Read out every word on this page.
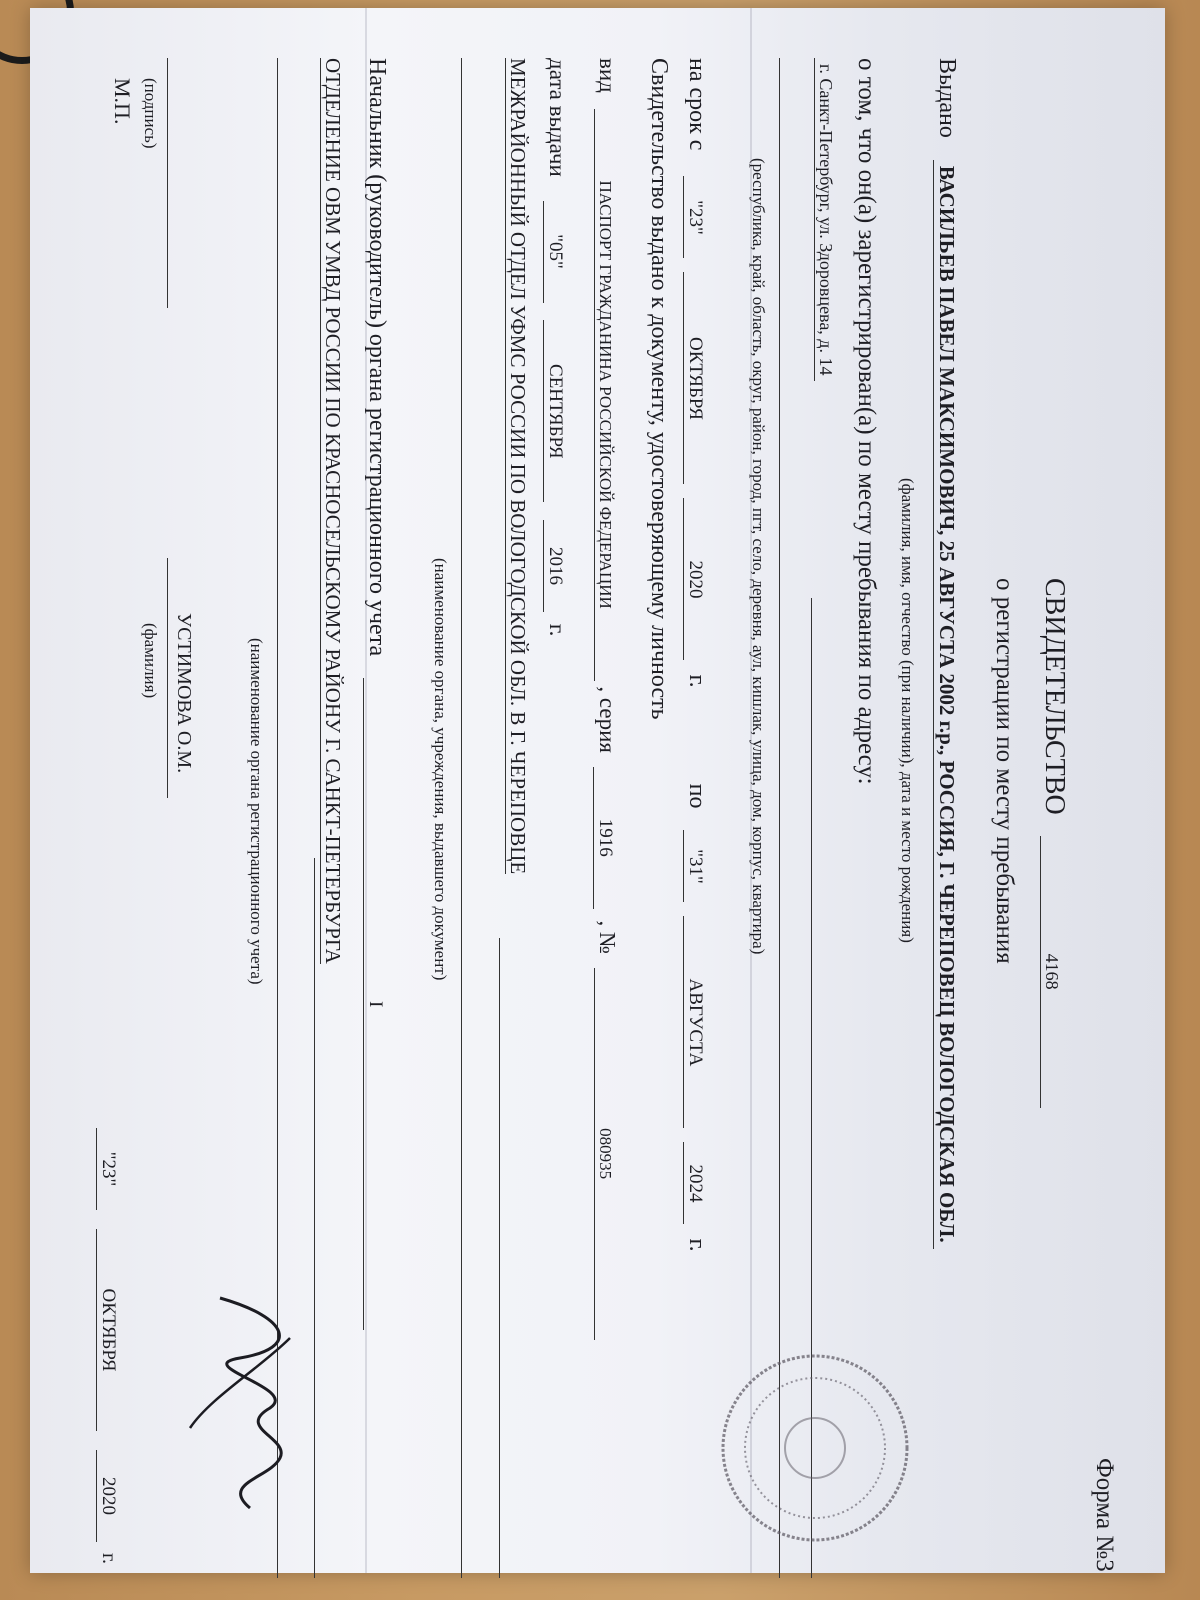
Форма №3
СВИДЕТЕЛЬСТВО 4168
о регистрации по месту пребывания
Выдано ВАСИЛЬЕВ ПАВЕЛ МАКСИМОВИЧ, 25 АВГУСТА 2002 г.р., РОССИЯ, Г. ЧЕРЕПОВЕЦ ВОЛОГОДСКАЯ ОБЛ.
(фамилия, имя, отчество (при наличии), дата и место рождения)
о том, что он(а) зарегистрирован(а) по месту пребывания по адресу:
г. Санкт-Петербург, ул. Здоровцева, д. 14
(республика, край, область, округ, район, город, пгт, село, деревня, аул, кишлак, улица, дом, корпус, квартира)
на срок с "23" ОКТЯБРЯ 2020 г. по "31" АВГУСТА 2024 г.
Свидетельство выдано к документу, удостоверяющему личность
вид ПАСПОРТ ГРАЖДАНИНА РОССИЙСКОЙ ФЕДЕРАЦИИ , серия 1916 , № 080935
дата выдачи "05" СЕНТЯБРЯ 2016 г.
МЕЖРАЙОННЫЙ ОТДЕЛ УФМС РОССИИ ПО ВОЛОГОДСКОЙ ОБЛ. В Г. ЧЕРЕПОВЦЕ
(наименование органа, учреждения, выдавшего документ)
Начальник (руководитель) органа регистрационного учета I
ОТДЕЛЕНИЕ ОВМ УМВД РОССИИ ПО КРАСНОСЕЛЬСКОМУ РАЙОНУ Г. САНКТ-ПЕТЕРБУРГА
(наименование органа регистрационного учета)
УСТИМОВА О.М.
(подпись)
(фамилия)
М.П.
"23" ОКТЯБРЯ 2020 г.
